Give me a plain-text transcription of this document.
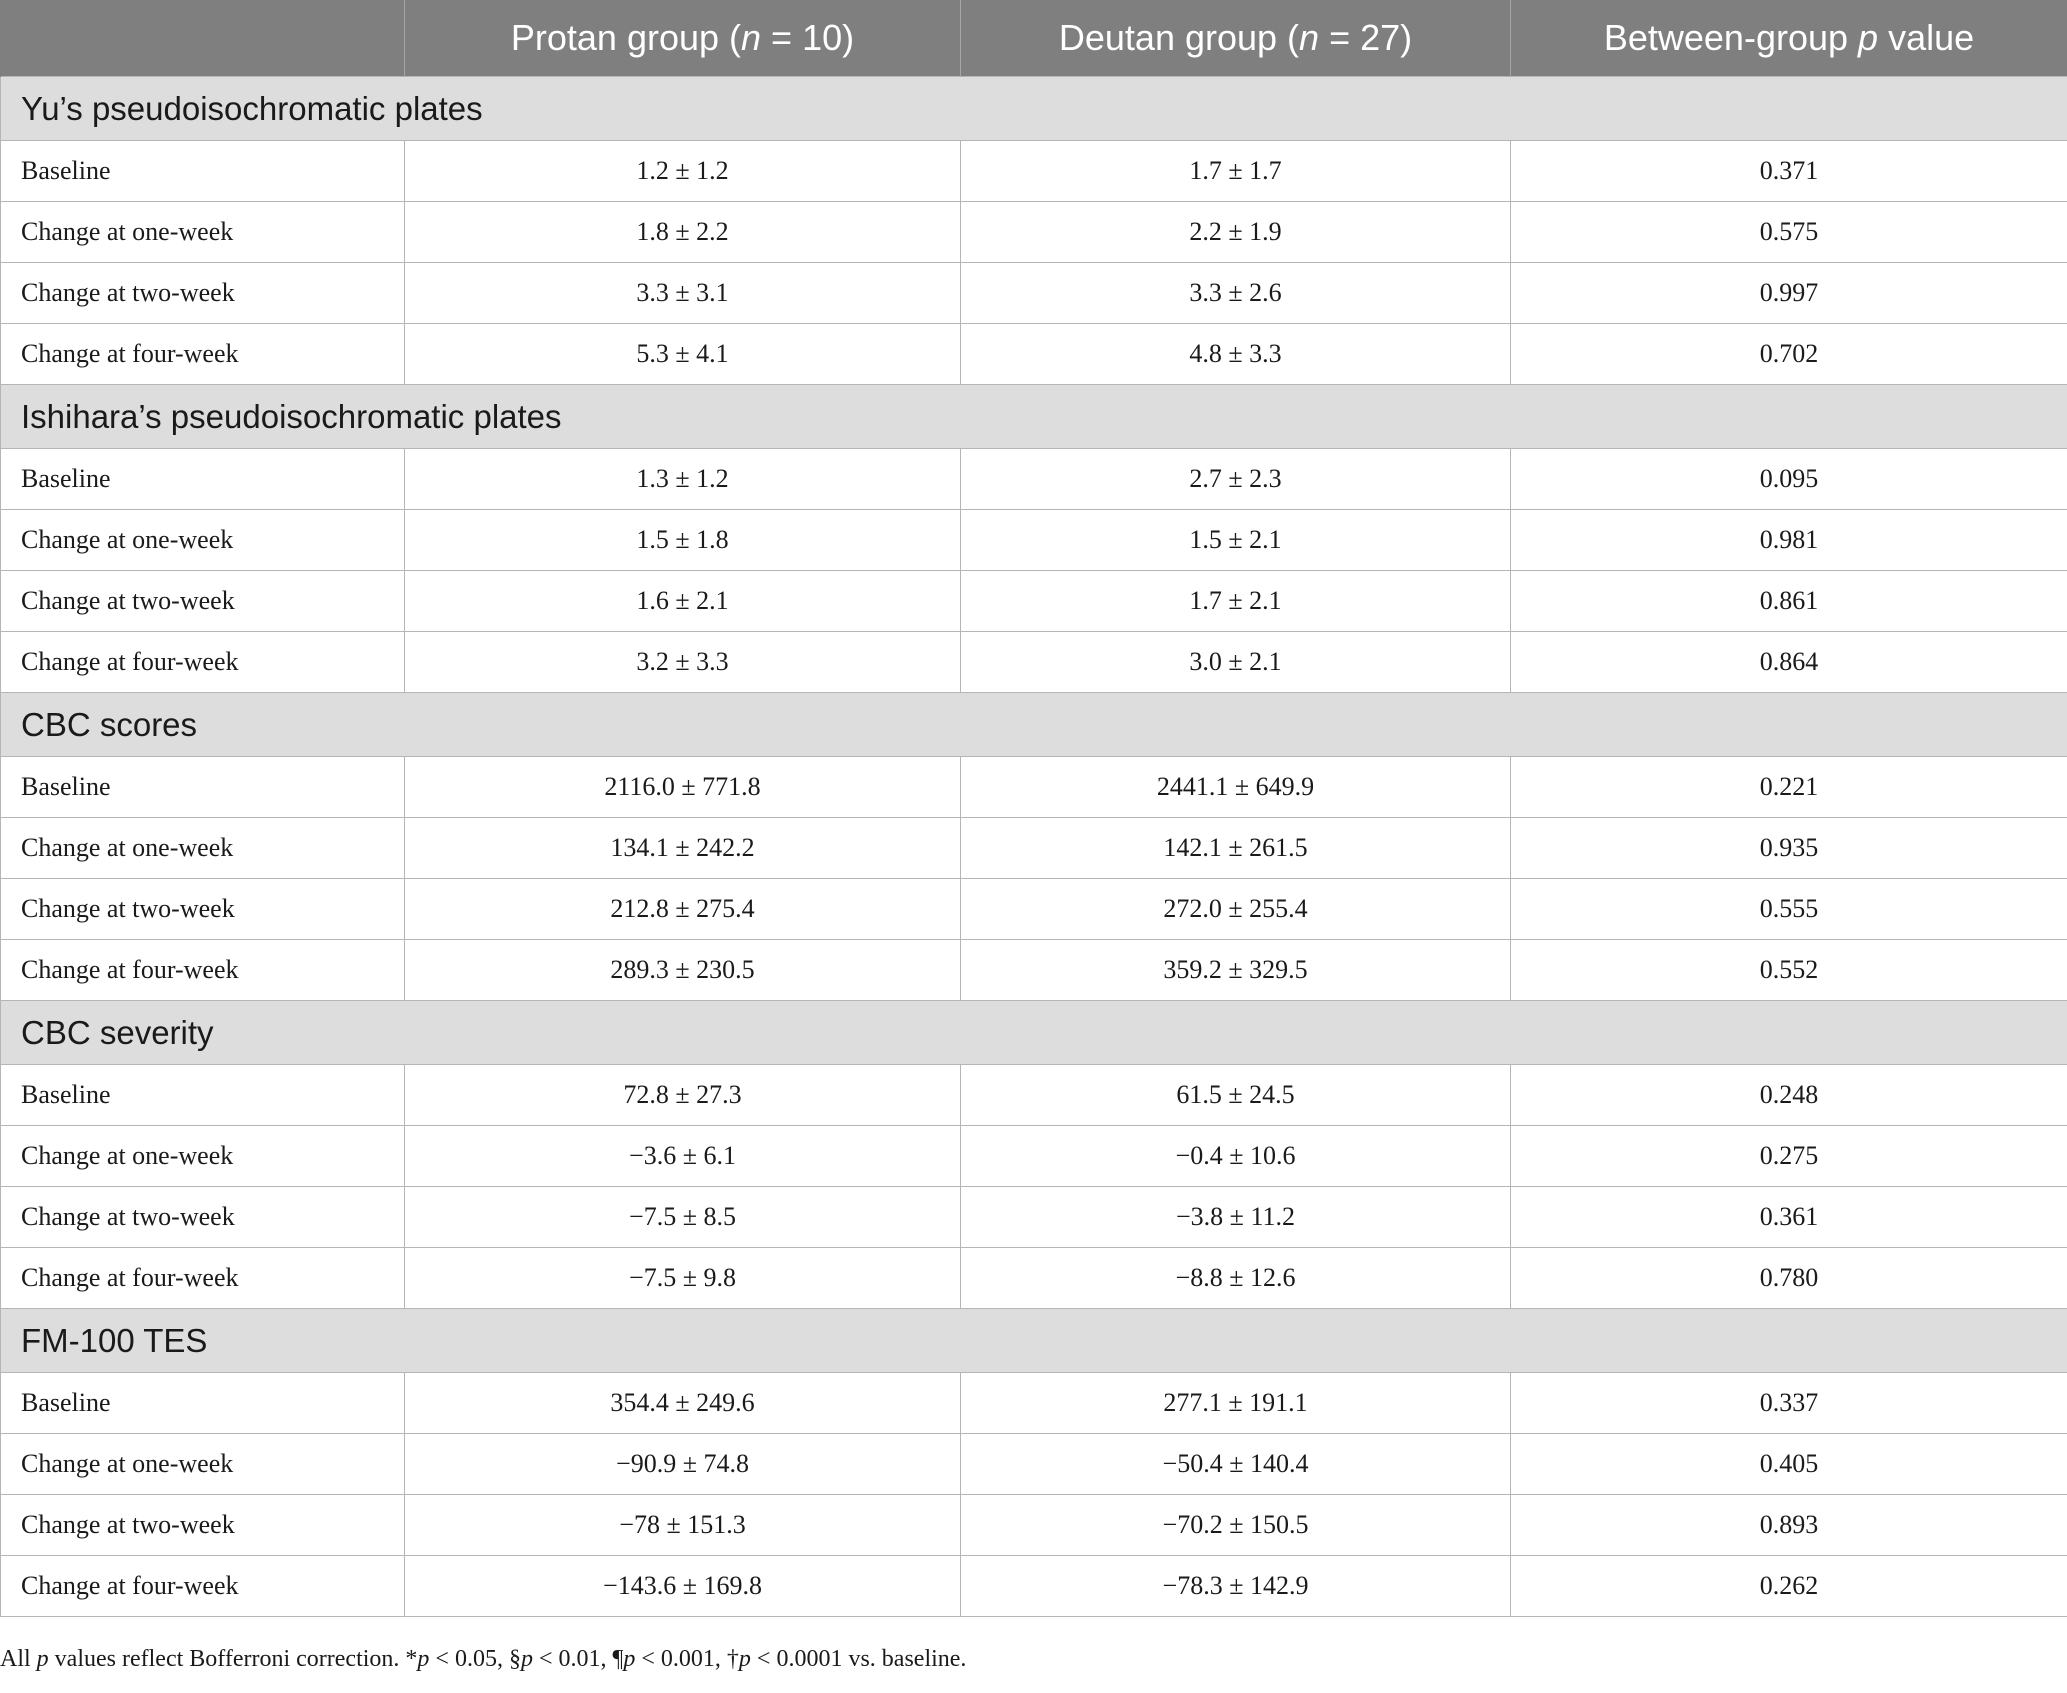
	Protan group (n = 10)	Deutan group (n = 27)	Between-group p value
Yu’s pseudoisochromatic plates			
Baseline	1.2 ± 1.2	1.7 ± 1.7	0.371
Change at one-week	1.8 ± 2.2	2.2 ± 1.9	0.575
Change at two-week	3.3 ± 3.1	3.3 ± 2.6	0.997
Change at four-week	5.3 ± 4.1	4.8 ± 3.3	0.702
Ishihara’s pseudoisochromatic plates			
Baseline	1.3 ± 1.2	2.7 ± 2.3	0.095
Change at one-week	1.5 ± 1.8	1.5 ± 2.1	0.981
Change at two-week	1.6 ± 2.1	1.7 ± 2.1	0.861
Change at four-week	3.2 ± 3.3	3.0 ± 2.1	0.864
CBC scores			
Baseline	2116.0 ± 771.8	2441.1 ± 649.9	0.221
Change at one-week	134.1 ± 242.2	142.1 ± 261.5	0.935
Change at two-week	212.8 ± 275.4	272.0 ± 255.4	0.555
Change at four-week	289.3 ± 230.5	359.2 ± 329.5	0.552
CBC severity			
Baseline	72.8 ± 27.3	61.5 ± 24.5	0.248
Change at one-week	−3.6 ± 6.1	−0.4 ± 10.6	0.275
Change at two-week	−7.5 ± 8.5	−3.8 ± 11.2	0.361
Change at four-week	−7.5 ± 9.8	−8.8 ± 12.6	0.780
FM-100 TES			
Baseline	354.4 ± 249.6	277.1 ± 191.1	0.337
Change at one-week	−90.9 ± 74.8	−50.4 ± 140.4	0.405
Change at two-week	−78 ± 151.3	−70.2 ± 150.5	0.893
Change at four-week	−143.6 ± 169.8	−78.3 ± 142.9	0.262
All p values reflect Bofferroni correction. *p < 0.05, §p < 0.01, ¶p < 0.001, †p < 0.0001 vs. baseline.
